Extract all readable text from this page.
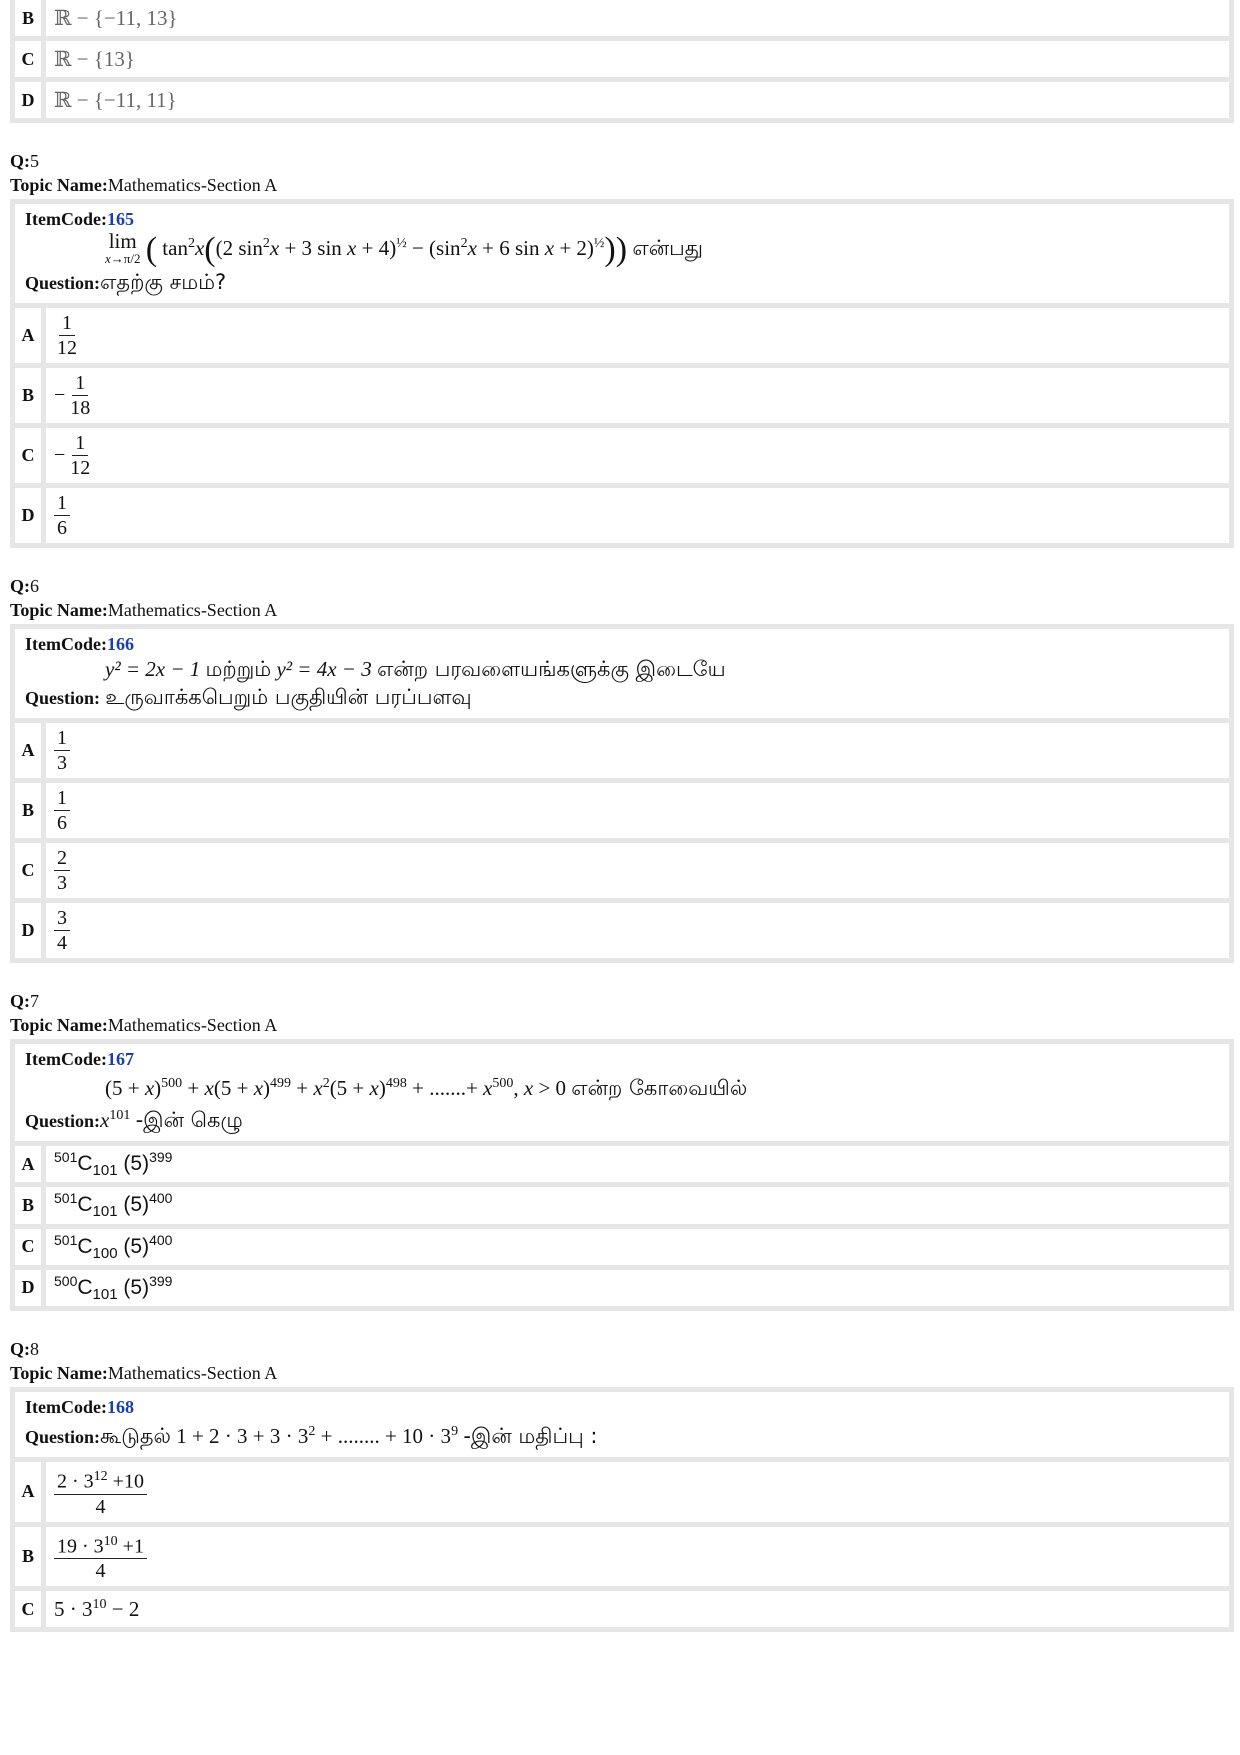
B ℝ − {−11, 13}
C ℝ − {13}
D ℝ − {−11, 11}
Q:5
Topic Name:Mathematics-Section A
ItemCode:165
lim
x→π/2 ( $\tan^2x((2$ $\sin^2x + 3$ $\sin x + 4)^{\frac{1}{2}} - (\sin^2x + 6$ sin x + 2)$^{\frac{1}{2}}$)) என்பது
Question:எதற்கு சமம்?
A $\frac{1}{12}$
B	− $\frac{1}{18}$
$C - \frac{1}{12}$
D $\frac{1}{6}$
Q:6
Topic Name:Mathematics-Section A
ItemCode:166
y² = 2x − 1 மற்றும் y² = 4x − 3 என்ற பரவளையங்களுக்கு இடையே
Question: உருவாக்கபெறும் பகுதியின் பரப்பளவு
A $\frac{1}{3}$
B	$\frac{1}{6}$
C $\frac{2}{3}$
D $\frac{3}{4}$
Q:7
Topic Name:Mathematics-Section A
ItemCode:167
$(5 + x)^{500} + x(5 + x)^{499} + x^2(5 + x)^{498}$ + .......+ $x^{500}$, x > 0 என்ற கோவையில்
$Question:x^{101}$ -இன் கெழு
A	$^{501}C_{101}$ $(5)^{399}$
B	$^{501}C_{101}$ $(5)^{400}$
C	$^{501}C_{100}$ $(5)^{400}$
D	$^{500}C_{101}$ $(5)^{399}$
Q:8
Topic Name:Mathematics-Section A
ItemCode:168
Question:கூடுதல் $1 + 2 \cdot 3 + 3 \cdot 3^2$ + ........ + $10 \cdot 3^9$ -இன் மதிப்பு :
A $\frac{2 \cdot 3^{12} +10}{4}$
B	$\frac{19 \cdot 3^{10} +1}{4}$
C $5 \cdot 3^{10} - 2$
